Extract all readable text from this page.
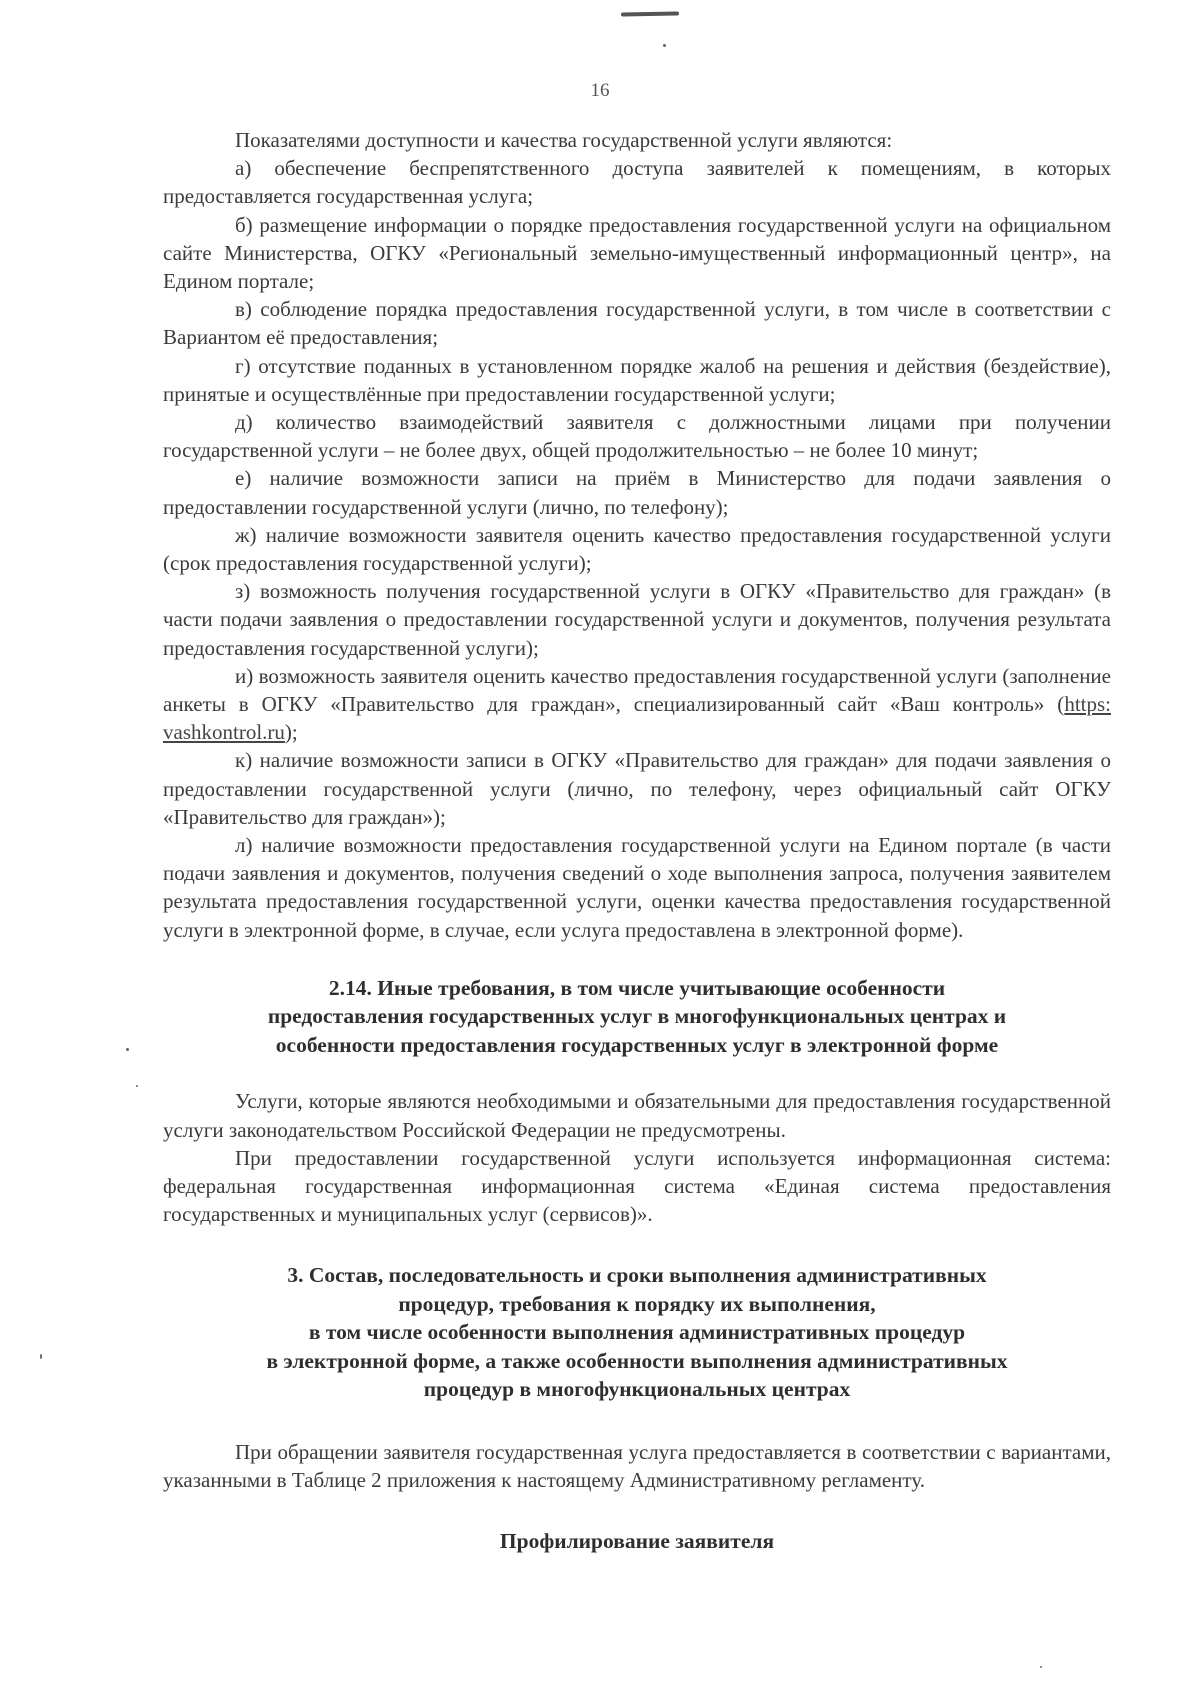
16

Показателями доступности и качества государственной услуги являются:

а) обеспечение беспрепятственного доступа заявителей к помещениям, в которых предоставляется государственная услуга;

б) размещение информации о порядке предоставления государственной услуги на официальном сайте Министерства, ОГКУ «Региональный земельно-имущественный информационный центр», на Едином портале;

в) соблюдение порядка предоставления государственной услуги, в том числе в соответствии с Вариантом её предоставления;

г) отсутствие поданных в установленном порядке жалоб на решения и действия (бездействие), принятые и осуществлённые при предоставлении государственной услуги;

д) количество взаимодействий заявителя с должностными лицами при получении государственной услуги – не более двух, общей продолжительностью – не более 10 минут;

е) наличие возможности записи на приём в Министерство для подачи заявления о предоставлении государственной услуги (лично, по телефону);

ж) наличие возможности заявителя оценить качество предоставления государственной услуги (срок предоставления государственной услуги);

з) возможность получения государственной услуги в ОГКУ «Правительство для граждан» (в части подачи заявления о предоставлении государственной услуги и документов, получения результата предоставления государственной услуги);

и) возможность заявителя оценить качество предоставления государственной услуги (заполнение анкеты в ОГКУ «Правительство для граждан», специализированный сайт «Ваш контроль» (https: vashkontrol.ru);

к) наличие возможности записи в ОГКУ «Правительство для граждан» для подачи заявления о предоставлении государственной услуги (лично, по телефону, через официальный сайт ОГКУ «Правительство для граждан»);

л) наличие возможности предоставления государственной услуги на Едином портале (в части подачи заявления и документов, получения сведений о ходе выполнения запроса, получения заявителем результата предоставления государственной услуги, оценки качества предоставления государственной услуги в электронной форме, в случае, если услуга предоставлена в электронной форме).

2.14. Иные требования, в том числе учитывающие особенности

предоставления государственных услуг в многофункциональных центрах и

особенности предоставления государственных услуг в электронной форме

Услуги, которые являются необходимыми и обязательными для предоставления государственной услуги законодательством Российской Федерации не предусмотрены.

При предоставлении государственной услуги используется информационная система: федеральная государственная информационная система «Единая система предоставления государственных и муниципальных услуг (сервисов)».

3. Состав, последовательность и сроки выполнения административных

процедур, требования к порядку их выполнения,

в том числе особенности выполнения административных процедур

в электронной форме, а также особенности выполнения административных

процедур в многофункциональных центрах

При обращении заявителя государственная услуга предоставляется в соответствии с вариантами, указанными в Таблице 2 приложения к настоящему Административному регламенту.

Профилирование заявителя
